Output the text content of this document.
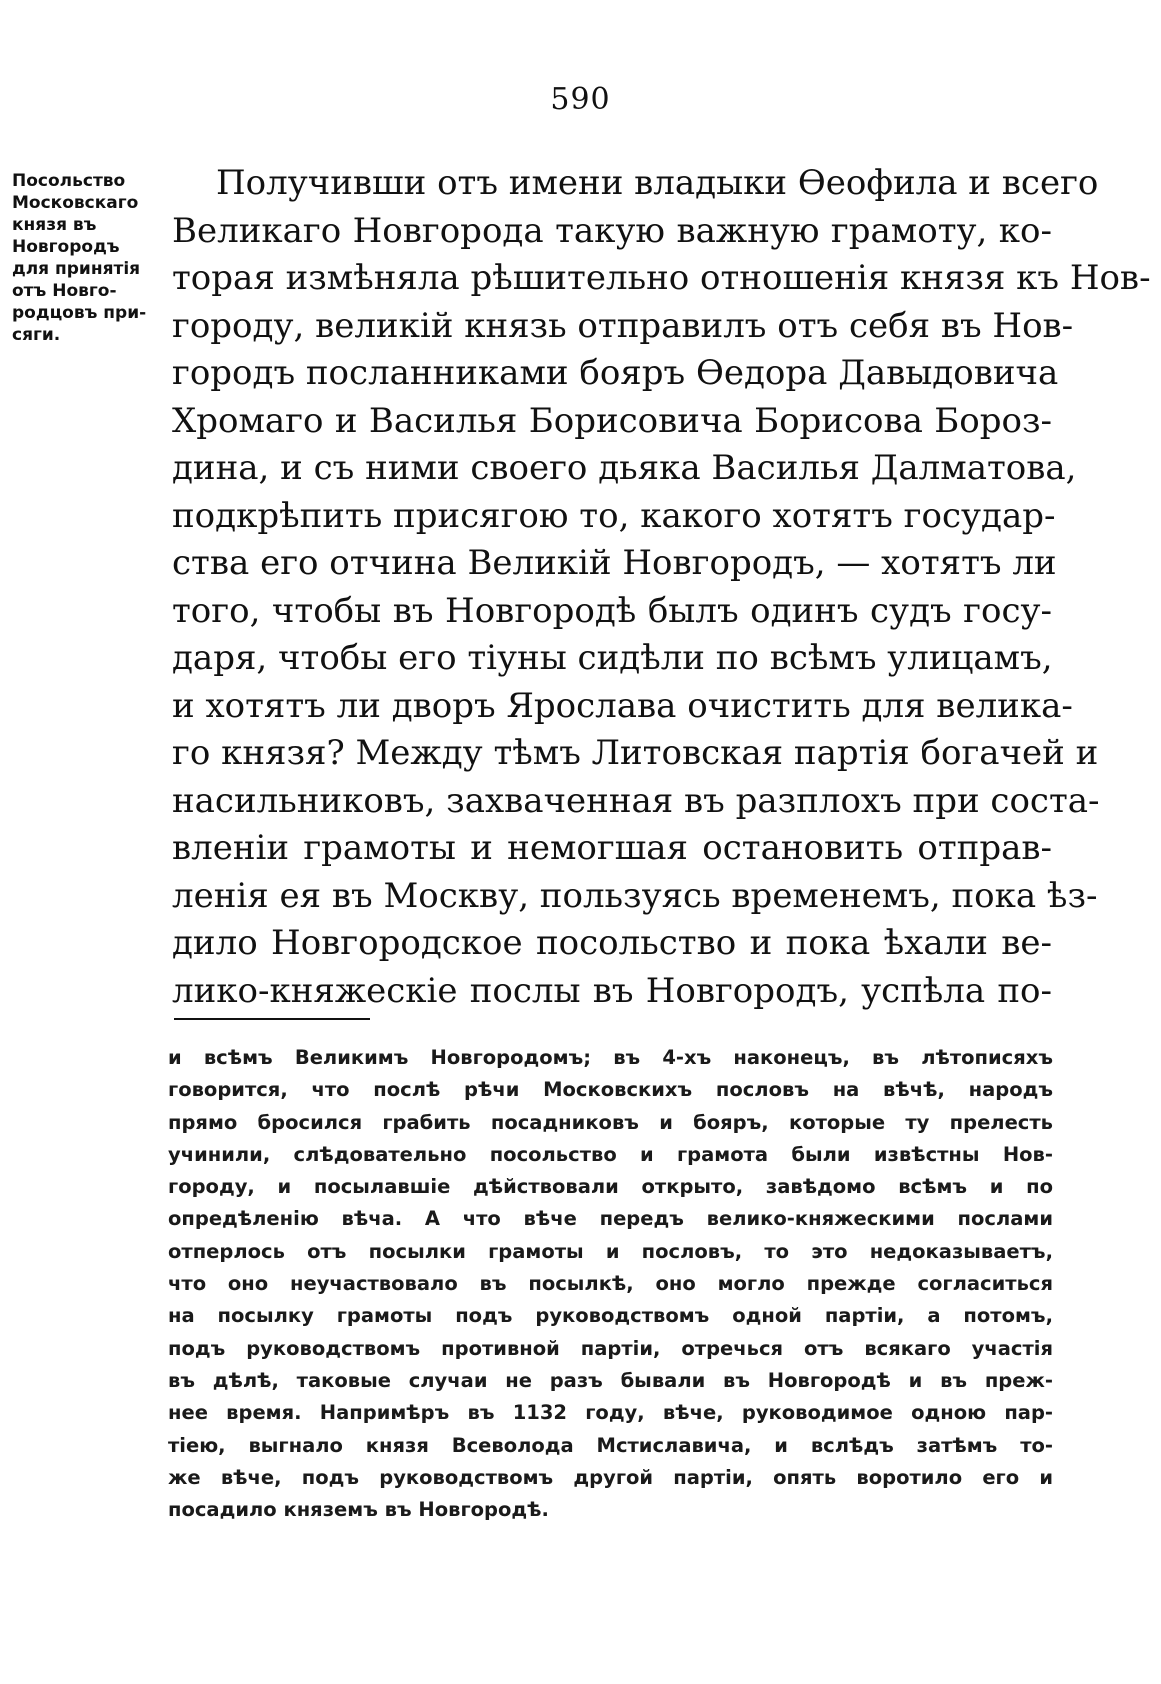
590
Посольство
Московскаго
князя въ
Новгородъ
для принятія
отъ Новго-
родцовъ при-
сяги.
Получивши отъ имени владыки Ѳеофила и всего
Великаго Новгорода такую важную грамоту, ко-
торая измѣняла рѣшительно отношенія князя къ Нов-
городу, великій князь отправилъ отъ себя въ Нов-
городъ посланниками бояръ Ѳедора Давыдовича
Хромаго и Василья Борисовича Борисова Бороз-
дина, и съ ними своего дьяка Василья Далматова,
подкрѣпить присягою то, какого хотятъ государ-
ства его отчина Великій Новгородъ, — хотятъ ли
того, чтобы въ Новгородѣ былъ одинъ судъ госу-
даря, чтобы его тіуны сидѣли по всѣмъ улицамъ,
и хотятъ ли дворъ Ярослава очистить для велика-
го князя? Между тѣмъ Литовская партія богачей и
насильниковъ, захваченная въ разплохъ при соста-
вленіи грамоты и немогшая остановить отправ-
ленія ея въ Москву, пользуясь временемъ, пока ѣз-
дило Новгородское посольство и пока ѣхали ве-
лико-княжескіе послы въ Новгородъ, успѣла по-
и всѣмъ Великимъ Новгородомъ; въ 4-хъ наконецъ, въ лѣтописяхъ
говорится, что послѣ рѣчи Московскихъ пословъ на вѣчѣ, народъ
прямо бросился грабить посадниковъ и бояръ, которые ту прелесть
учинили, слѣдовательно посольство и грамота были извѣстны Нов-
городу, и посылавшіе дѣйствовали открыто, завѣдомо всѣмъ и по
опредѣленію вѣча. А что вѣче передъ велико-княжескими послами
отперлось отъ посылки грамоты и пословъ, то это недоказываетъ,
что оно неучаствовало въ посылкѣ, оно могло прежде согласиться
на посылку грамоты подъ руководствомъ одной партіи, а потомъ,
подъ руководствомъ противной партіи, отречься отъ всякаго участія
въ дѣлѣ, таковые случаи не разъ бывали въ Новгородѣ и въ преж-
нее время. Напримѣръ въ 1132 году, вѣче, руководимое одною пар-
тіею, выгнало князя Всеволода Мстиславича, и вслѣдъ затѣмъ то-
же вѣче, подъ руководствомъ другой партіи, опять воротило его и
посадило княземъ въ Новгородѣ.
